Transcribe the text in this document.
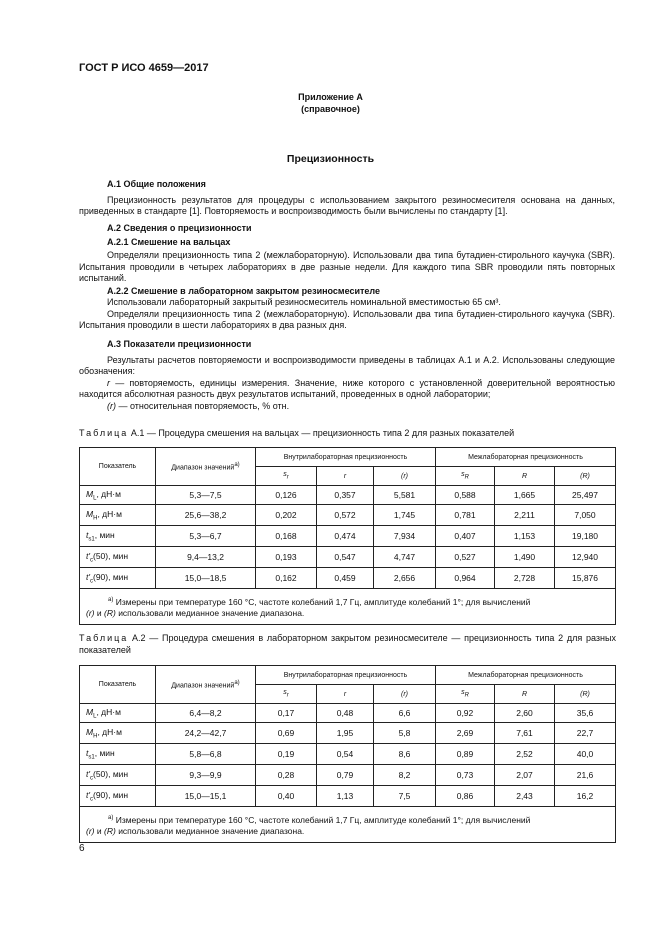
ГОСТ Р ИСО 4659—2017
Приложение А
(справочное)
Прецизионность
А.1 Общие положения
Прецизионность результатов для процедуры с использованием закрытого резиносмесителя основана на данных, приведенных в стандарте [1]. Повторяемость и воспроизводимость были вычислены по стандарту [1].
А.2 Сведения о прецизионности
А.2.1 Смешение на вальцах
Определяли прецизионность типа 2 (межлабораторную). Использовали два типа бутадиен-стирольного каучука (SBR). Испытания проводили в четырех лабораториях в две разные недели. Для каждого типа SBR проводили пять повторных испытаний.
А.2.2 Смешение в лабораторном закрытом резиносмесителе
Использовали лабораторный закрытый резиносмеситель номинальной вместимостью 65 см³.
Определяли прецизионность типа 2 (межлабораторную). Использовали два типа бутадиен-стирольного каучука (SBR). Испытания проводили в шести лабораториях в два разных дня.
А.3 Показатели прецизионности
Результаты расчетов повторяемости и воспроизводимости приведены в таблицах А.1 и А.2. Использованы следующие обозначения:
r — повторяемость, единицы измерения. Значение, ниже которого с установленной доверительной вероятностью находится абсолютная разность двух результатов испытаний, проведенных в одной лаборатории;
(r) — относительная повторяемость, % отн.
Таблица А.1 — Процедура смешения на вальцах — прецизионность типа 2 для разных показателей
Показатель	Диапазон значений$^{a)}$	Внутрилабораторная прецизионность			Межлабораторная прецизионность		
		$s_r$	r	(r)	$s_R$	R	(R)
$M_L$, дН·м	5,3—7,5	0,126	0,357	5,581	0,588	1,665	25,497
$M_H$, дН·м	25,6—38,2	0,202	0,572	1,745	0,781	2,211	7,050
$t_{s1}$, мин	5,3—6,7	0,168	0,474	7,934	0,407	1,153	19,180
$t'_c(50)$, мин	9,4—13,2	0,193	0,547	4,747	0,527	1,490	12,940
$t'_c(90)$, мин	15,0—18,5	0,162	0,459	2,656	0,964	2,728	15,876

$^{a)}$ Измерены при температуре 160 °С, частоте колебаний 1,7 Гц, амплитуде колебаний 1°; для вычислений
(r) и (R) использовали медианное значение диапазона.							
Таблица А.2 — Процедура смешения в лабораторном закрытом резиносмесителе — прецизионность типа 2 для разных показателей
Показатель	Диапазон значений$^{a)}$	Внутрилабораторная прецизионность			Межлабораторная прецизионность		
		$s_r$	r	(r)	$s_R$	R	(R)
$M_L$, дН·м	6,4—8,2	0,17	0,48	6,6	0,92	2,60	35,6
$M_H$, дН·м	24,2—42,7	0,69	1,95	5,8	2,69	7,61	22,7
$t_{s1}$, мин	5,8—6,8	0,19	0,54	8,6	0,89	2,52	40,0
$t'_c(50)$, мин	9,3—9,9	0,28	0,79	8,2	0,73	2,07	21,6
$t'_c(90)$, мин	15,0—15,1	0,40	1,13	7,5	0,86	2,43	16,2

$^{a)}$ Измерены при температуре 160 °С, частоте колебаний 1,7 Гц, амплитуде колебаний 1°; для вычислений
(r) и (R) использовали медианное значение диапазона.							
6
